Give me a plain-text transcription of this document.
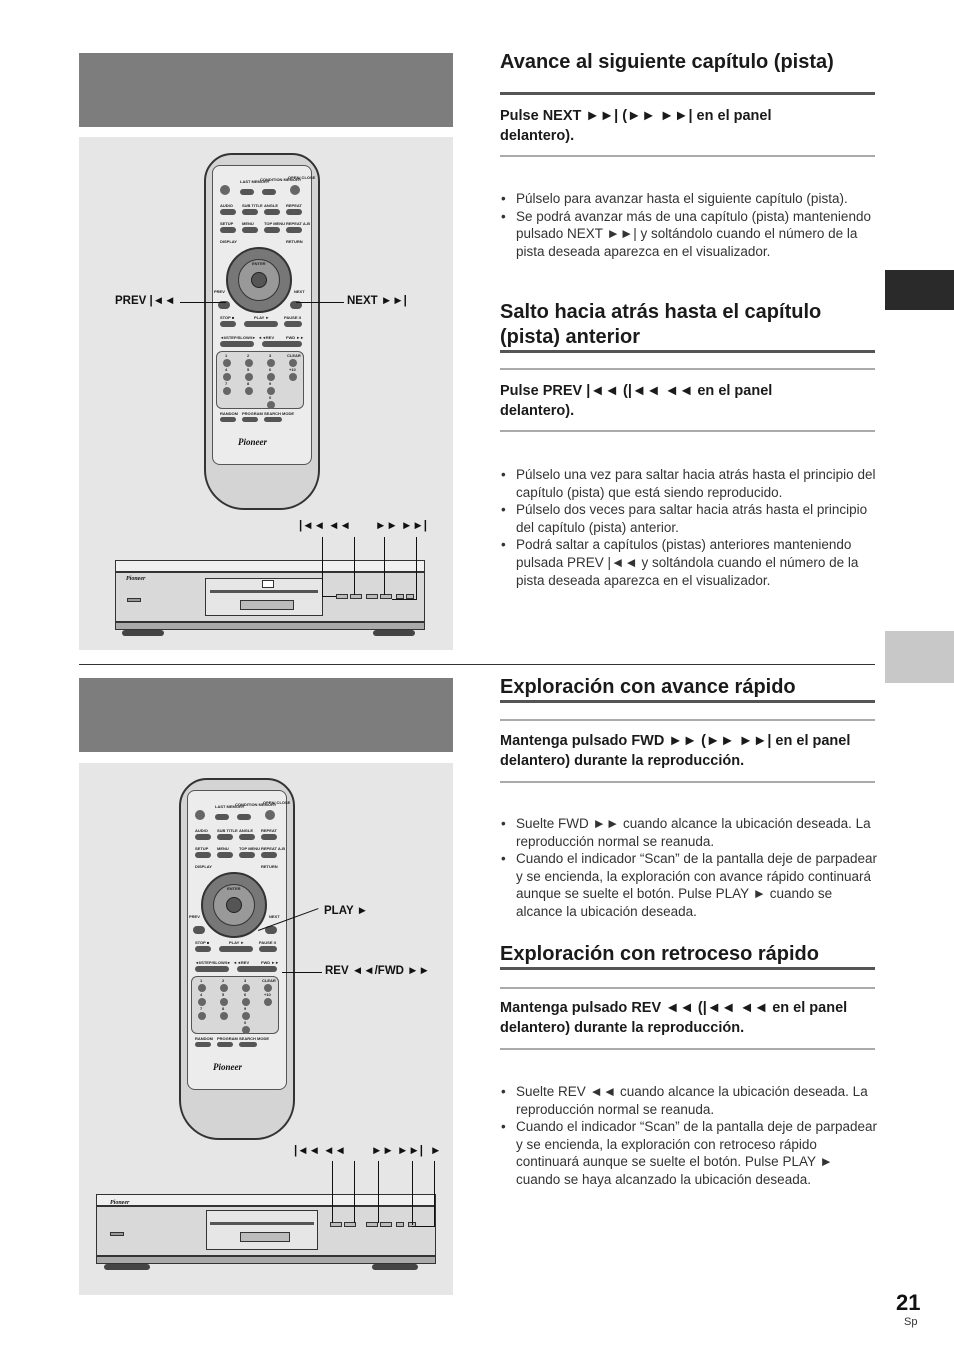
LAST MEMORY
CONDITION MEMORY
OPEN/ CLOSE
AUDIO SUB TITLE ANGLE REPEAT
SETUP MENU	TOP MENU REPEAT A-B
DISPLAY	RETURN
ENTER
PREV	NEXT
STOP ■	PLAY ►	PAUSE II
◄I/STEP/SLOW/I► ◄◄REV	FWD ►►
1	2	3
4	5	6
7	8	9
0
CLEAR
+10
RANDOM PROGRAM SEARCH MODE
Pioneer
Pioneer
PREV |◄◄	NEXT ►►|
|◄◄ ◄◄ ►► ►►|
Avance al siguiente capítulo (pista)
Pulse NEXT ►►| (►► ►►| en el panel delantero).
• Púlselo para avanzar hasta el siguiente capítulo (pista).
• Se podrá avanzar más de una capítulo (pista) manteniendo pulsado NEXT ►►| y soltándolo cuando el número de la pista deseada aparezca en el visualizador.
Salto hacia atrás hasta el capítulo (pista) anterior
Pulse PREV |◄◄ (|◄◄ ◄◄ en el panel delantero).
• Púlselo una vez para saltar hacia atrás hasta el principio del capítulo (pista) que está siendo reproducido.
• Púlselo dos veces para saltar hacia atrás hasta el principio del capítulo (pista) anterior.
• Podrá saltar a capítulos (pistas) anteriores manteniendo pulsada PREV |◄◄ y soltándola cuando el número de la pista deseada aparezca en el visualizador.
LAST MEMORY
CONDITION MEMORY
OPEN/ CLOSE
AUDIO SUB TITLE ANGLE REPEAT
SETUP MENU	TOP MENU REPEAT A-B
DISPLAY	RETURN
ENTER
PREV	NEXT
STOP ■	PLAY ►	PAUSE II
◄I/STEP/SLOW/I► ◄◄REV	FWD ►►
1	2	3
4	5	6
7	8	9
0
CLEAR
+10
RANDOM PROGRAM SEARCH MODE
Pioneer
Pioneer
PLAY ►
REV ◄◄/FWD ►►
|◄◄ ◄◄ ►► ►►| ►
Exploración con avance rápido
Mantenga pulsado FWD ►► (►► ►►| en el panel delantero) durante la reproducción.
• Suelte FWD ►► cuando alcance la ubicación deseada. La reproducción normal se reanuda.
• Cuando el indicador “Scan” de la pantalla deje de parpadear y se encienda, la exploración con avance rápido continuará aunque se suelte el botón. Pulse PLAY ► cuando se alcance la ubicación deseada.
Exploración con retroceso rápido
Mantenga pulsado REV ◄◄ (|◄◄ ◄◄ en el panel delantero) durante la reproducción.
• Suelte REV ◄◄ cuando alcance la ubicación deseada. La reproducción normal se reanuda.
• Cuando el indicador “Scan” de la pantalla deje de parpadear y se encienda, la exploración con retroceso rápido continuará aunque se suelte el botón. Pulse PLAY ► cuando se haya alcanzado la ubicación deseada.
21
Sp
